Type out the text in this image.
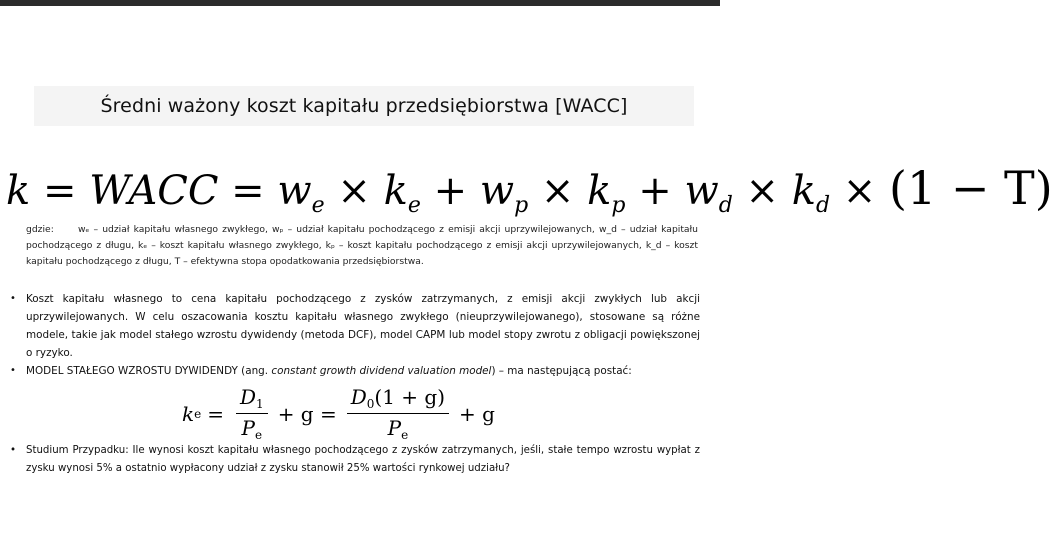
Średni ważony koszt kapitału przedsiębiorstwa [WACC]
k = WACC = $w_e \times k_e + w_p \times k_p + w_d \times k_d \times (1 - T)$
gdzie:	wₑ – udział kapitału własnego zwykłego, wₚ – udział kapitału pochodzącego z emisji akcji uprzywilejowanych, w_d – udział kapitału pochodzącego z długu, kₑ – koszt kapitału własnego zwykłego, kₚ – koszt kapitału pochodzącego z emisji akcji uprzywilejowanych, k_d – koszt kapitału pochodzącego z długu, T – efektywna stopa opodatkowania przedsiębiorstwa.
• Koszt kapitału własnego to cena kapitału pochodzącego z zysków zatrzymanych, z emisji akcji zwykłych lub akcji uprzywilejowanych. W celu oszacowania kosztu kapitału własnego zwykłego (nieuprzywilejowanego), stosowane są różne modele, takie jak model stałego wzrostu dywidendy (metoda DCF), model CAPM lub model stopy zwrotu z obligacji powiększonej o ryzyko.
• MODEL STAŁEGO WZROSTU DYWIDENDY (ang. constant growth dividend valuation model) – ma następującą postać:
k $e = \frac{D_1}{P_e} + g = \frac{D_0(1 + g)}{P_e} + g$
• Studium Przypadku: Ile wynosi koszt kapitału własnego pochodzącego z zysków zatrzymanych, jeśli, stałe tempo wzrostu wypłat z zysku wynosi 5% a ostatnio wypłacony udział z zysku stanowił 25% wartości rynkowej udziału?
